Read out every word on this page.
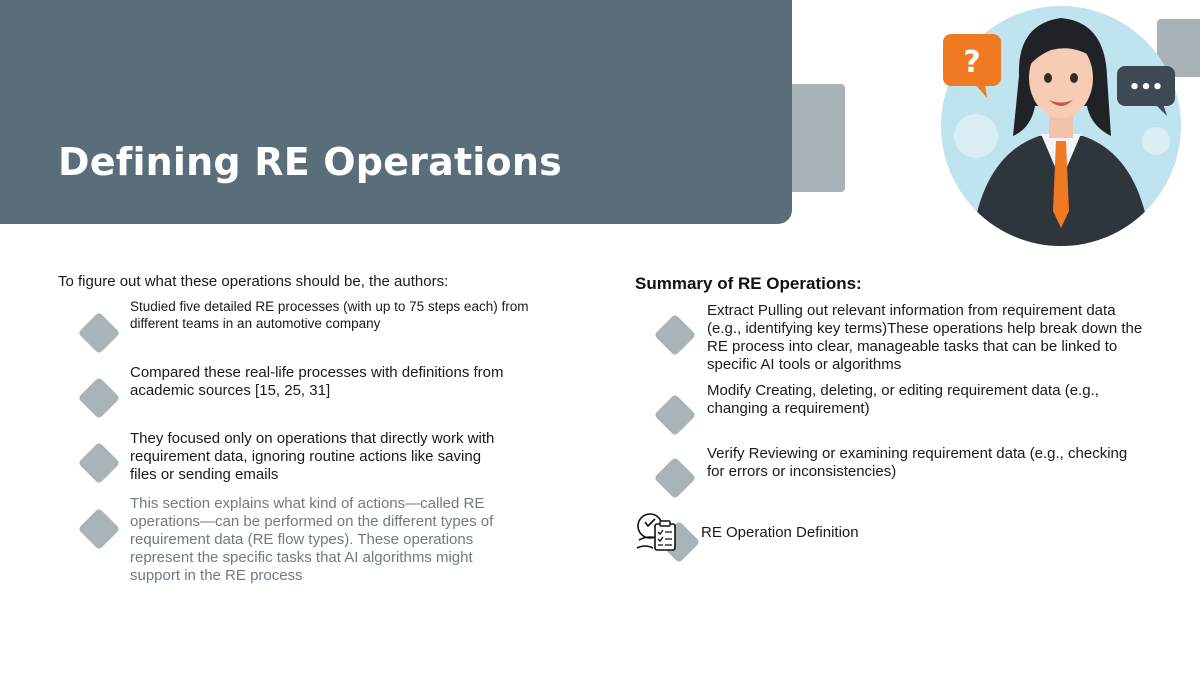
Defining RE Operations
?
•••
To figure out what these operations should be, the authors:
Studied five detailed RE processes (with up to 75 steps each) from different teams in an automotive company
Compared these real-life processes with definitions from academic sources [15, 25, 31]
They focused only on operations that directly work with requirement data, ignoring routine actions like saving files or sending emails
This section explains what kind of actions—called RE operations—can be performed on the different types of requirement data (RE flow types). These operations represent the specific tasks that AI algorithms might support in the RE process
Summary of RE Operations:
Extract Pulling out relevant information from requirement data (e.g., identifying key terms)These operations help break down the RE process into clear, manageable tasks that can be linked to specific AI tools or algorithms
Modify Creating, deleting, or editing requirement data (e.g., changing a requirement)
Verify Reviewing or examining requirement data (e.g., checking for errors or inconsistencies)
RE Operation Definition
